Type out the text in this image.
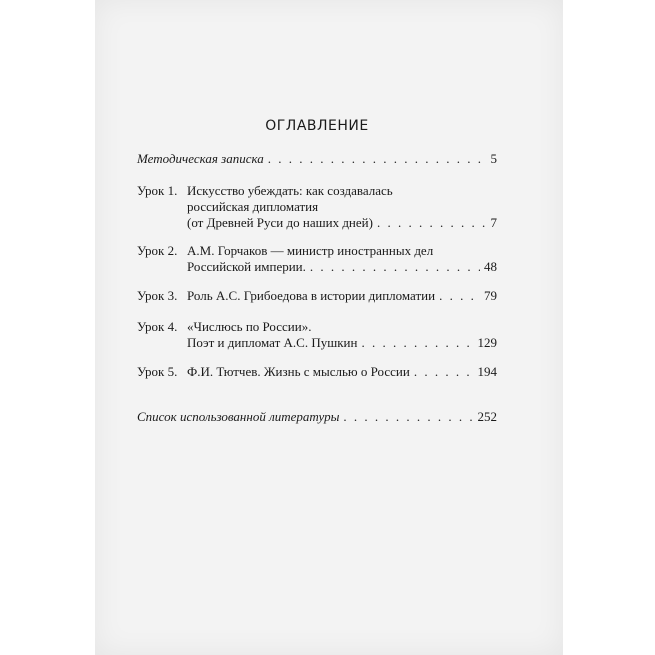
ОГЛАВЛЕНИЕ
Методическая записка . . .	5
Урок 1. Искусство убеждать: как создавалась
российская дипломатия
(от Древней Руси до наших дней) . . .	7
Урок 2. А.М. Горчаков — министр иностранных дел
Российской империи. . . .	48
Урок 3. Роль А.С. Грибоедова в истории дипломатии . . .	79
Урок 4. «Числюсь по России».
Поэт и дипломат А.С. Пушкин . . .	129
Урок 5. Ф.И. Тютчев. Жизнь с мыслью о России . . .	194
Список использованной литературы . . .	252
